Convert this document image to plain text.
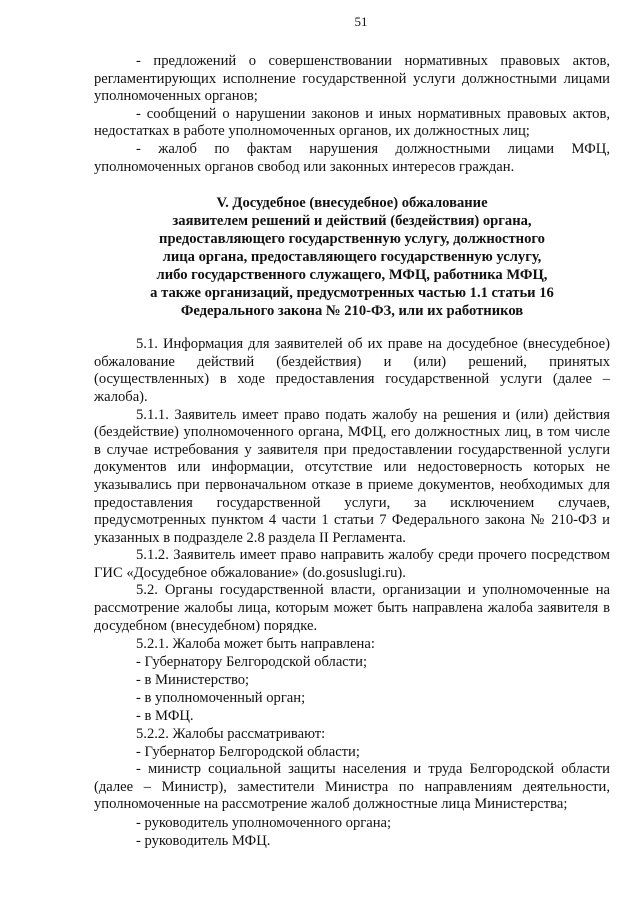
51

- предложений о совершенствовании нормативных правовых актов, регламентирующих исполнение государственной услуги должностными лицами уполномоченных органов;

- сообщений о нарушении законов и иных нормативных правовых актов, недостатках в работе уполномоченных органов, их должностных лиц;

- жалоб по фактам нарушения должностными лицами МФЦ, уполномоченных органов свобод или законных интересов граждан.

V. Досудебное (внесудебное) обжалование
заявителем решений и действий (бездействия) органа,
предоставляющего государственную услугу, должностного
лица органа, предоставляющего государственную услугу,
либо государственного служащего, МФЦ, работника МФЦ,
а также организаций, предусмотренных частью 1.1 статьи 16
Федерального закона № 210-ФЗ, или их работников

5.1. Информация для заявителей об их праве на досудебное (внесудебное) обжалование действий (бездействия) и (или) решений, принятых (осуществленных) в ходе предоставления государственной услуги (далее – жалоба).

5.1.1. Заявитель имеет право подать жалобу на решения и (или) действия (бездействие) уполномоченного органа, МФЦ, его должностных лиц, в том числе в случае истребования у заявителя при предоставлении государственной услуги документов или информации, отсутствие или недостоверность которых не указывались при первоначальном отказе в приеме документов, необходимых для предоставления государственной услуги, за исключением случаев, предусмотренных пунктом 4 части 1 статьи 7 Федерального закона № 210-ФЗ и указанных в подразделе 2.8 раздела II Регламента.

5.1.2. Заявитель имеет право направить жалобу среди прочего посредством ГИС «Досудебное обжалование» (do.gosuslugi.ru).

5.2. Органы государственной власти, организации и уполномоченные на рассмотрение жалобы лица, которым может быть направлена жалоба заявителя в досудебном (внесудебном) порядке.

5.2.1. Жалоба может быть направлена:

- Губернатору Белгородской области;

- в Министерство;

- в уполномоченный орган;

- в МФЦ.

5.2.2. Жалобы рассматривают:

- Губернатор Белгородской области;

- министр социальной защиты населения и труда Белгородской области (далее – Министр), заместители Министра по направлениям деятельности, уполномоченные на рассмотрение жалоб должностные лица Министерства;

- руководитель уполномоченного органа;

- руководитель МФЦ.
